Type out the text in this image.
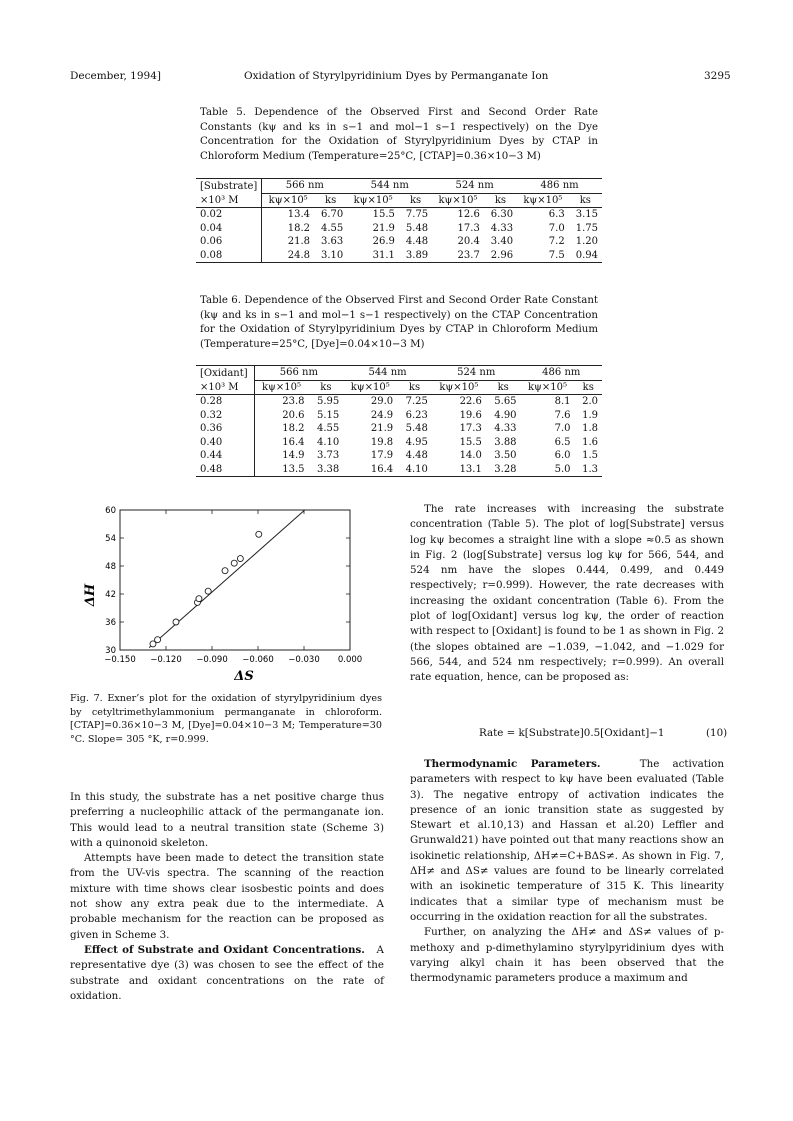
December, 1994]	Oxidation of Styrylpyridinium Dyes by Permanganate Ion	3295
Table 5. Dependence of the Observed First and Second Order Rate Constants (kψ and ks in s−1 and mol−1 s−1 respectively) on the Dye Concentration for the Oxidation of Styrylpyridinium Dyes by CTAP in Chloroform Medium (Temperature=25°C, [CTAP]=0.36×10−3 M)
[Substrate]	566 nm		544 nm		524 nm		486 nm	
×10³ M	kψ×10⁵	ks	kψ×10⁵	ks	kψ×10⁵	ks	kψ×10⁵	ks
0.02	13.4	6.70	15.5	7.75	12.6	6.30	6.3	3.15
0.04	18.2	4.55	21.9	5.48	17.3	4.33	7.0	1.75
0.06	21.8	3.63	26.9	4.48	20.4	3.40	7.2	1.20
0.08	24.8	3.10	31.1	3.89	23.7	2.96	7.5	0.94
Table 6. Dependence of the Observed First and Second Order Rate Constant (kψ and ks in s−1 and mol−1 s−1 respectively) on the CTAP Concentration for the Oxidation of Styrylpyridinium Dyes by CTAP in Chloroform Medium (Temperature=25°C, [Dye]=0.04×10−3 M)
[Oxidant]	566 nm		544 nm		524 nm		486 nm	
×10³ M	kψ×10⁵	ks	kψ×10⁵	ks	kψ×10⁵	ks	kψ×10⁵	ks
0.28	23.8	5.95	29.0	7.25	22.6	5.65	8.1	2.0
0.32	20.6	5.15	24.9	6.23	19.6	4.90	7.6	1.9
0.36	18.2	4.55	21.9	5.48	17.3	4.33	7.0	1.8
0.40	16.4	4.10	19.8	4.95	15.5	3.88	6.5	1.6
0.44	14.9	3.73	17.9	4.48	14.0	3.50	6.0	1.5
0.48	13.5	3.38	16.4	4.10	13.1	3.28	5.0	1.3
−0.150 −0.120 −0.090 −0.060 −0.030 0.000
60
54
48
42
36
30
ΔH
ΔS
Fig. 7. Exner’s plot for the oxidation of styrylpyridinium dyes by cetyltrimethylammonium permanganate in chloroform. [CTAP]=0.36×10−3 M, [Dye]=0.04×10−3 M; Temperature=30 °C. Slope= 305 °K, r=0.999.

In this study, the substrate has a net positive charge thus preferring a nucleophilic attack of the permanganate ion. This would lead to a neutral transition state (Scheme 3) with a quinonoid skeleton.

Attempts have been made to detect the transition state from the UV-vis spectra. The scanning of the reaction mixture with time shows clear isosbestic points and does not show any extra peak due to the intermediate. A probable mechanism for the reaction can be proposed as given in Scheme 3.

Effect of Substrate and Oxidant Concentrations. A representative dye (3) was chosen to see the effect of the substrate and oxidant concentrations on the rate of oxidation.

The rate increases with increasing the substrate concentration (Table 5). The plot of log[Substrate] versus log kψ becomes a straight line with a slope ≈0.5 as shown in Fig. 2 (log[Substrate] versus log kψ for 566, 544, and 524 nm have the slopes 0.444, 0.499, and 0.449 respectively; r=0.999). However, the rate decreases with increasing the oxidant concentration (Table 6). From the plot of log[Oxidant] versus log kψ, the order of reaction with respect to [Oxidant] is found to be 1 as shown in Fig. 2 (the slopes obtained are −1.039, −1.042, and −1.029 for 566, 544, and 524 nm respectively; r=0.999). An overall rate equation, hence, can be proposed as:

Rate = k[Substrate]0.5[Oxidant]−1	(10)

Thermodynamic Parameters.	The activation parameters with respect to kψ have been evaluated (Table 3). The negative entropy of activation indicates the presence of an ionic transition state as suggested by Stewart et al.10,13) and Hassan et al.20) Leffler and Grunwald21) have pointed out that many reactions show an isokinetic relationship, ΔH≠=C+BΔS≠. As shown in Fig. 7, ΔH≠ and ΔS≠ values are found to be linearly correlated with an isokinetic temperature of 315 K. This linearity indicates that a similar type of mechanism must be occurring in the oxidation reaction for all the substrates.

Further, on analyzing the ΔH≠ and ΔS≠ values of p-methoxy and p-dimethylamino styrylpyridinium dyes with varying alkyl chain it has been observed that the thermodynamic parameters produce a maximum and
